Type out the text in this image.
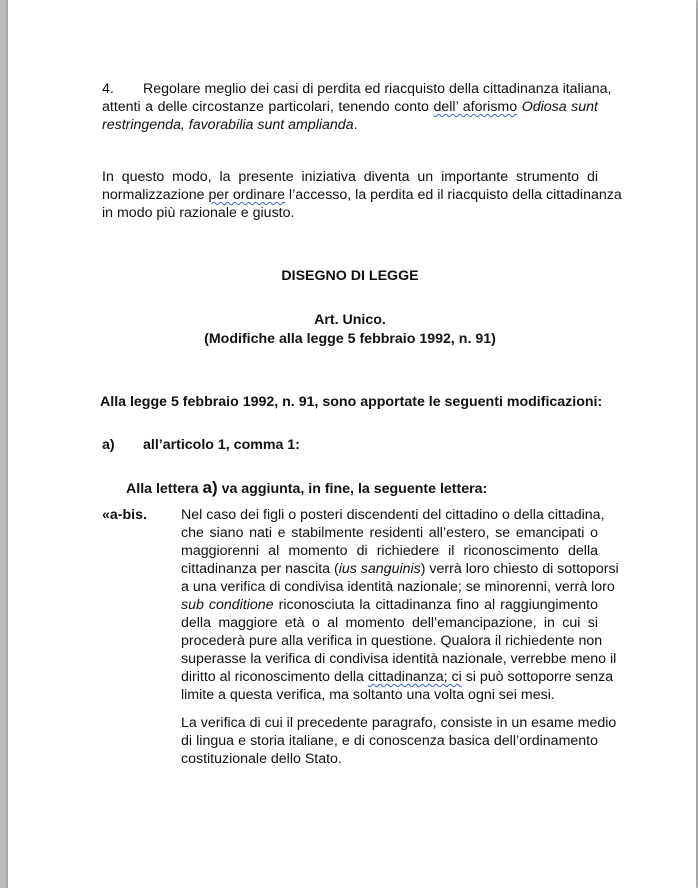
4. Regolare meglio dei casi di perdita ed riacquisto della cittadinanza italiana,
attenti a delle circostanze particolari, tenendo conto dell’ aforismo Odiosa sunt
restringenda, favorabilia sunt amplianda.
In questo modo, la presente iniziativa diventa un importante strumento di
normalizzazione per ordinare l’accesso, la perdita ed il riacquisto della cittadinanza
in modo più razionale e giusto.
DISEGNO DI LEGGE
Art. Unico.
(Modifiche alla legge 5 febbraio 1992, n. 91)
Alla legge 5 febbraio 1992, n. 91, sono apportate le seguenti modificazioni:
a) all’articolo 1, comma 1:
Alla lettera a) va aggiunta, in fine, la seguente lettera:
«a-bis. Nel caso dei figli o posteri discendenti del cittadino o della cittadina,
che siano nati e stabilmente residenti all’estero, se emancipati o
maggiorenni al momento di richiedere il riconoscimento della
cittadinanza per nascita (ius sanguinis) verrà loro chiesto di sottoporsi
a una verifica di condivisa identità nazionale; se minorenni, verrà loro
sub conditione riconosciuta la cittadinanza fino al raggiungimento
della maggiore età o al momento dell’emancipazione, in cui si
procederà pure alla verifica in questione. Qualora il richiedente non
superasse la verifica di condivisa identità nazionale, verrebbe meno il
diritto al riconoscimento della cittadinanza; ci si può sottoporre senza
limite a questa verifica, ma soltanto una volta ogni sei mesi.
La verifica di cui il precedente paragrafo, consiste in un esame medio
di lingua e storia italiane, e di conoscenza basica dell’ordinamento
costituzionale dello Stato.
